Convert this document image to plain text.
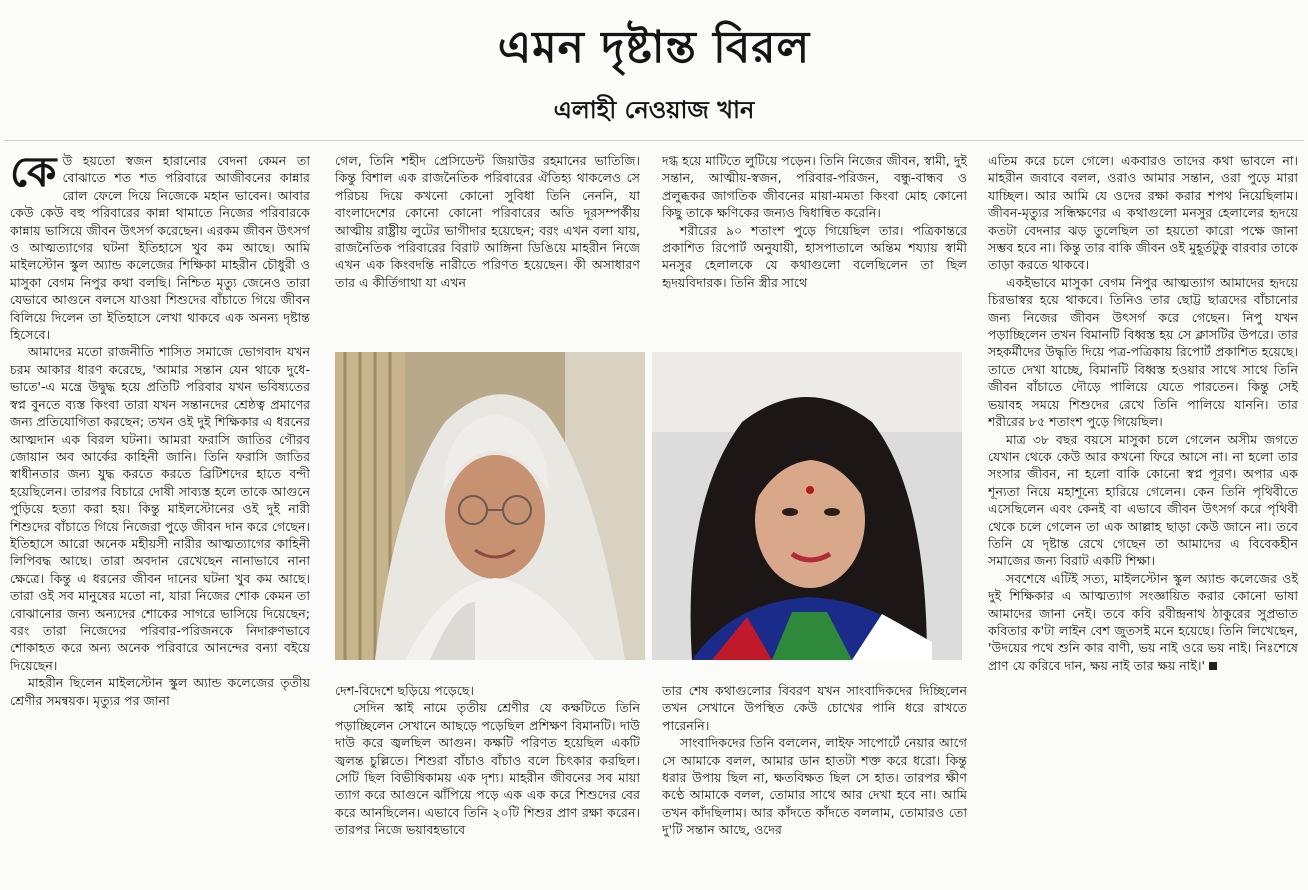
এমন দৃষ্টান্ত বিরল
এলাহী নেওয়াজ খান

কেউ হয়তো স্বজন হারানোর বেদনা কেমন তা বোঝাতে শত শত পরিবারে আজীবনের কান্নার রোল ফেলে দিয়ে নিজেকে মহান ভাবেন। আবার কেউ কেউ বহু পরিবারের কান্না থামাতে নিজের পরিবারকে কান্নায় ভাসিয়ে জীবন উৎসর্গ করেছেন। এরকম জীবন উৎসর্গ ও আত্মত্যাগের ঘটনা ইতিহাসে খুব কম আছে। আমি মাইলস্টোন স্কুল অ্যান্ড কলেজের শিক্ষিকা মাহরীন চৌধুরী ও মাসুকা বেগম নিপুর কথা বলছি। নিশ্চিত মৃত্যু জেনেও তারা যেভাবে আগুনে বলসে যাওয়া শিশুদের বাঁচাতে গিয়ে জীবন বিলিয়ে দিলেন তা ইতিহাসে লেখা থাকবে এক অনন্য দৃষ্টান্ত হিসেবে।

আমাদের মতো রাজনীতি শাসিত সমাজে ভোগবাদ যখন চরম আকার ধারণ করেছে, 'আমার সন্তান যেন থাকে দুধে-ভাতে'-এ মন্ত্রে উদ্বুদ্ধ হয়ে প্রতিটি পরিবার যখন ভবিষ্যতের স্বপ্ন বুনতে ব্যস্ত কিংবা তারা যখন সন্তানদের শ্রেষ্ঠত্ব প্রমাণের জন্য প্রতিযোগিতা করছেন; তখন ওই দুই শিক্ষিকার এ ধরনের আত্মদান এক বিরল ঘটনা। আমরা ফরাসি জাতির গৌরব জোয়ান অব আর্কের কাহিনী জানি। তিনি ফরাসি জাতির স্বাধীনতার জন্য যুদ্ধ করতে করতে ব্রিটিশদের হাতে বন্দী হয়েছিলেন। তারপর বিচারে দোষী সাব্যস্ত হলে তাকে আগুনে পুড়িয়ে হত্যা করা হয়। কিন্তু মাইলস্টোনের ওই দুই নারী শিশুদের বাঁচাতে গিয়ে নিজেরা পুড়ে জীবন দান করে গেছেন। ইতিহাসে আরো অনেক মহীয়সী নারীর আত্মত্যাগের কাহিনী লিপিবদ্ধ আছে। তারা অবদান রেখেছেন নানাভাবে নানা ক্ষেত্রে। কিন্তু এ ধরনের জীবন দানের ঘটনা খুব কম আছে। তারা ওই সব মানুষের মতো না, যারা নিজের শোক কেমন তা বোঝানোর জন্য অন্যদের শোকের সাগরে ভাসিয়ে দিয়েছেন; বরং তারা নিজেদের পরিবার-পরিজনকে নিদারুণভাবে শোকাহত করে অন্য অনেক পরিবারে আনন্দের বন্যা বইয়ে দিয়েছেন।

মাহরীন ছিলেন মাইলস্টোন স্কুল অ্যান্ড কলেজের তৃতীয় শ্রেণীর সমন্বয়ক। মৃত্যুর পর জানা

গেল, তিনি শহীদ প্রেসিডেন্ট জিয়াউর রহমানের ভাতিজি। কিন্তু বিশাল এক রাজনৈতিক পরিবারের ঐতিহ্য থাকলেও সে পরিচয় দিয়ে কখনো কোনো সুবিধা তিনি নেননি, যা বাংলাদেশের কোনো কোনো পরিবারের অতি দূরসম্পর্কীয় আত্মীয় রাষ্ট্রীয় লুটের ভাগীদার হয়েছেন; বরং এখন বলা যায়, রাজনৈতিক পরিবারের বিরাট আঙ্গিনা ডিঙিয়ে মাহরীন নিজে এখন এক কিংবদন্তি নারীতে পরিণত হয়েছেন। কী অসাধারণ তার এ কীর্তিগাথা যা এখন

দগ্ধ হয়ে মাটিতে লুটিয়ে পড়েন। তিনি নিজের জীবন, স্বামী, দুই সন্তান, আত্মীয়-স্বজন, পরিবার-পরিজন, বন্ধু-বান্ধব ও প্রলুব্ধকর জাগতিক জীবনের মায়া-মমতা কিংবা মোহ কোনো কিছু তাকে ক্ষণিকের জন্যও দ্বিধান্বিত করেনি।

শরীরের ৯০ শতাংশ পুড়ে গিয়েছিল তার। পত্রিকান্তরে প্রকাশিত রিপোর্ট অনুযায়ী, হাসপাতালে অন্তিম শয্যায় স্বামী মনসুর হেলালকে যে কথাগুলো বলেছিলেন তা ছিল হৃদয়বিদারক। তিনি স্ত্রীর সাথে

দেশ-বিদেশে ছড়িয়ে পড়েছে।

সেদিন স্কাই নামে তৃতীয় শ্রেণীর যে কক্ষটিতে তিনি পড়াচ্ছিলেন সেখানে আছড়ে পড়েছিল প্রশিক্ষণ বিমানটি। দাউ দাউ করে জ্বলছিল আগুন। কক্ষটি পরিণত হয়েছিল একটি জ্বলন্ত চুল্লিতে। শিশুরা বাঁচাও বাঁচাও বলে চিৎকার করছিল। সেটি ছিল বিভীষিকাময় এক দৃশ্য। মাহরীন জীবনের সব মায়া ত্যাগ করে আগুনে ঝাঁপিয়ে পড়ে এক এক করে শিশুদের বের করে আনছিলেন। এভাবে তিনি ২০টি শিশুর প্রাণ রক্ষা করেন। তারপর নিজে ভয়াবহভাবে

তার শেষ কথাগুলোর বিবরণ যখন সাংবাদিকদের দিচ্ছিলেন তখন সেখানে উপস্থিত কেউ চোখের পানি ধরে রাখতে পারেননি।

সাংবাদিকদের তিনি বললেন, লাইফ সাপোর্টে নেয়ার আগে সে আমাকে বলল, আমার ডান হাতটা শক্ত করে ধরো। কিন্তু ধরার উপায় ছিল না, ক্ষতবিক্ষত ছিল সে হাত। তারপর ক্ষীণ কণ্ঠে আমাকে বলল, তোমার সাথে আর দেখা হবে না। আমি তখন কাঁদছিলাম। আর কাঁদতে কাঁদতে বললাম, তোমারও তো দু'টি সন্তান আছে, ওদের

এতিম করে চলে গেলে। একবারও তাদের কথা ভাবলে না। মাহরীন জবাবে বলল, ওরাও আমার সন্তান, ওরা পুড়ে মারা যাচ্ছিল। আর আমি যে ওদের রক্ষা করার শপথ নিয়েছিলাম। জীবন-মৃত্যুর সন্ধিক্ষণের এ কথাগুলো মনসুর হেলালের হৃদয়ে কতটা বেদনার ঝড় তুলেছিল তা হয়তো কারো পক্ষে জানা সম্ভব হবে না। কিন্তু তার বাকি জীবন ওই মুহূর্তটুকু বারবার তাকে তাড়া করতে থাকবে।

একইভাবে মাসুকা বেগম নিপুর আত্মত্যাগ আমাদের হৃদয়ে চিরভাস্বর হয়ে থাকবে। তিনিও তার ছোট্ট ছাত্রদের বাঁচানোর জন্য নিজের জীবন উৎসর্গ করে গেছেন। নিপু যখন পড়াচ্ছিলেন তখন বিমানটি বিধ্বস্ত হয় সে ক্লাসটির উপরে। তার সহকর্মীদের উদ্ধৃতি দিয়ে পত্র-পত্রিকায় রিপোর্ট প্রকাশিত হয়েছে। তাতে দেখা যাচ্ছে, বিমানটি বিধ্বস্ত হওয়ার সাথে সাথে তিনি জীবন বাঁচাতে দৌড়ে পালিয়ে যেতে পারতেন। কিন্তু সেই ভয়াবহ সময়ে শিশুদের রেখে তিনি পালিয়ে যাননি। তার শরীরের ৮৫ শতাংশ পুড়ে গিয়েছিল।

মাত্র ৩৮ বছর বয়সে মাসুকা চলে গেলেন অসীম জগতে যেখান থেকে কেউ আর কখনো ফিরে আসে না। না হলো তার সংসার জীবন, না হলো বাকি কোনো স্বপ্ন পূরণ। অপার এক শূন্যতা নিয়ে মহাশূন্যে হারিয়ে গেলেন। কেন তিনি পৃথিবীতে এসেছিলেন এবং কেনই বা এভাবে জীবন উৎসর্গ করে পৃথিবী থেকে চলে গেলেন তা এক আল্লাহ ছাড়া কেউ জানে না। তবে তিনি যে দৃষ্টান্ত রেখে গেছেন তা আমাদের এ বিবেকহীন সমাজের জন্য বিরাট একটি শিক্ষা।

সবশেষে এটিই সত্য, মাইলস্টোন স্কুল অ্যান্ড কলেজের ওই দুই শিক্ষিকার এ আত্মত্যাগ সংজ্ঞায়িত করার কোনো ভাষা আমাদের জানা নেই। তবে কবি রবীন্দ্রনাথ ঠাকুরের সুপ্রভাত কবিতার ক'টা লাইন বেশ জুতসই মনে হয়েছে। তিনি লিখেছেন, 'উদয়ের পথে শুনি কার বাণী, ভয় নাই ওরে ভয় নাই। নিঃশেষে প্রাণ যে করিবে দান, ক্ষয় নাই তার ক্ষয় নাই।'
